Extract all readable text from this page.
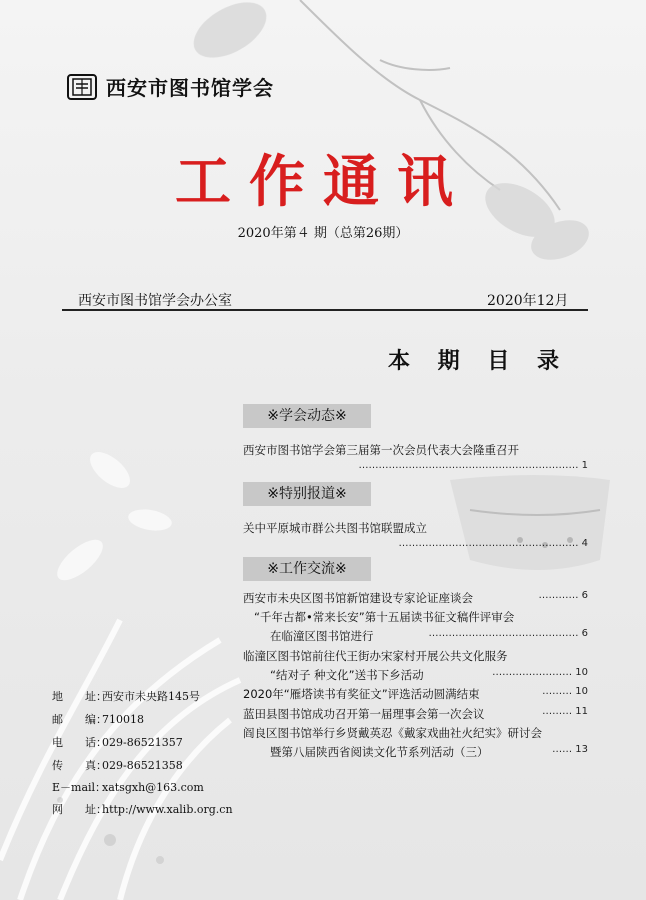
西安市图书馆学会
工作通讯
2020年第４ 期（总第26期）
西安市图书馆学会办公室	2020年12月
本 期 目 录
※学会动态※
※特别报道※
※工作交流※
西安市图书馆学会第三届第一次会员代表大会隆重召开
………………………………………………………… 1
关中平原城市群公共图书馆联盟成立
……………………………………………… 4
西安市未央区图书馆新馆建设专家论证座谈会	………… 6
“千年古都•常来长安”第十五届读书征文稿件评审会
在临潼区图书馆进行	……………………………………… 6
临潼区图书馆前往代王街办宋家村开展公共文化服务
“结对子 种文化”送书下乡活动	…………………… 10
2020年“雁塔读书有奖征文”评选活动圆满结束	……… 10
蓝田县图书馆成功召开第一届理事会第一次会议	……… 11
阎良区图书馆举行乡贤戴英忍《戴家戏曲社火纪实》研讨会
暨第八届陕西省阅读文化节系列活动（三）	…… 13
地　　址：西安市未央路145号
邮　　编：710018
电　　话：029-86521357
传　　真：029-86521358
E－mail：xatsgxh@163.com
网　　址：http://www.xalib.org.cn
